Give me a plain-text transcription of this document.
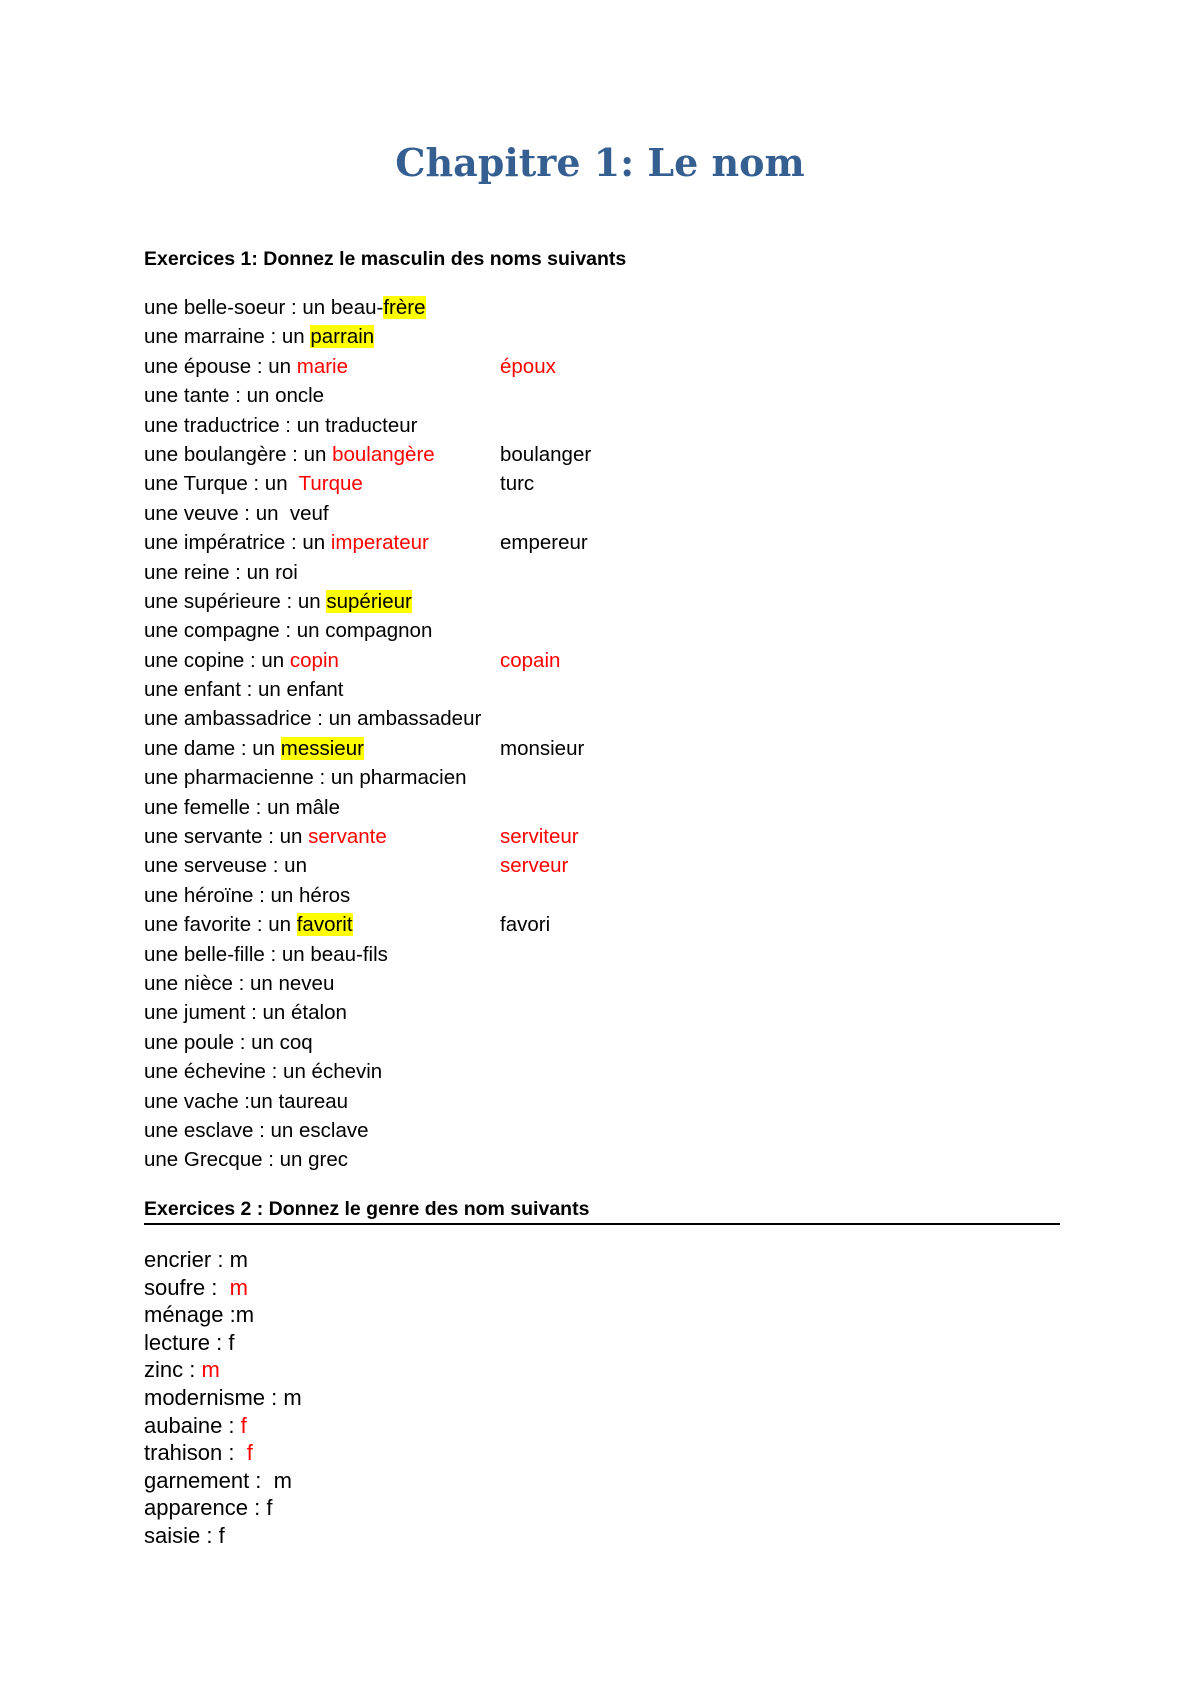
Chapitre 1: Le nom
Exercices 1: Donnez le masculin des noms suivants
une belle-soeur : un beau-frère
une marraine : un parrain
une épouse : un marie	époux
une tante : un oncle
une traductrice : un traducteur
une boulangère : un boulangère	boulanger
une Turque : un  Turque	turc
une veuve : un  veuf
une impératrice : un imperateur	empereur
une reine : un roi
une supérieure : un supérieur
une compagne : un compagnon
une copine : un copin	copain
une enfant : un enfant
une ambassadrice : un ambassadeur
une dame : un messieur	monsieur
une pharmacienne : un pharmacien
une femelle : un mâle
une servante : un servante	serviteur
une serveuse : un	serveur
une héroïne : un héros
une favorite : un favorit	favori
une belle-fille : un beau-fils
une nièce : un neveu
une jument : un étalon
une poule : un coq
une échevine : un échevin
une vache :un taureau
une esclave : un esclave
une Grecque : un grec
Exercices 2 : Donnez le genre des nom suivants
encrier : m
soufre :  m
ménage :m
lecture : f
zinc : m
modernisme : m
aubaine : f
trahison :  f
garnement :  m
apparence : f
saisie : f
